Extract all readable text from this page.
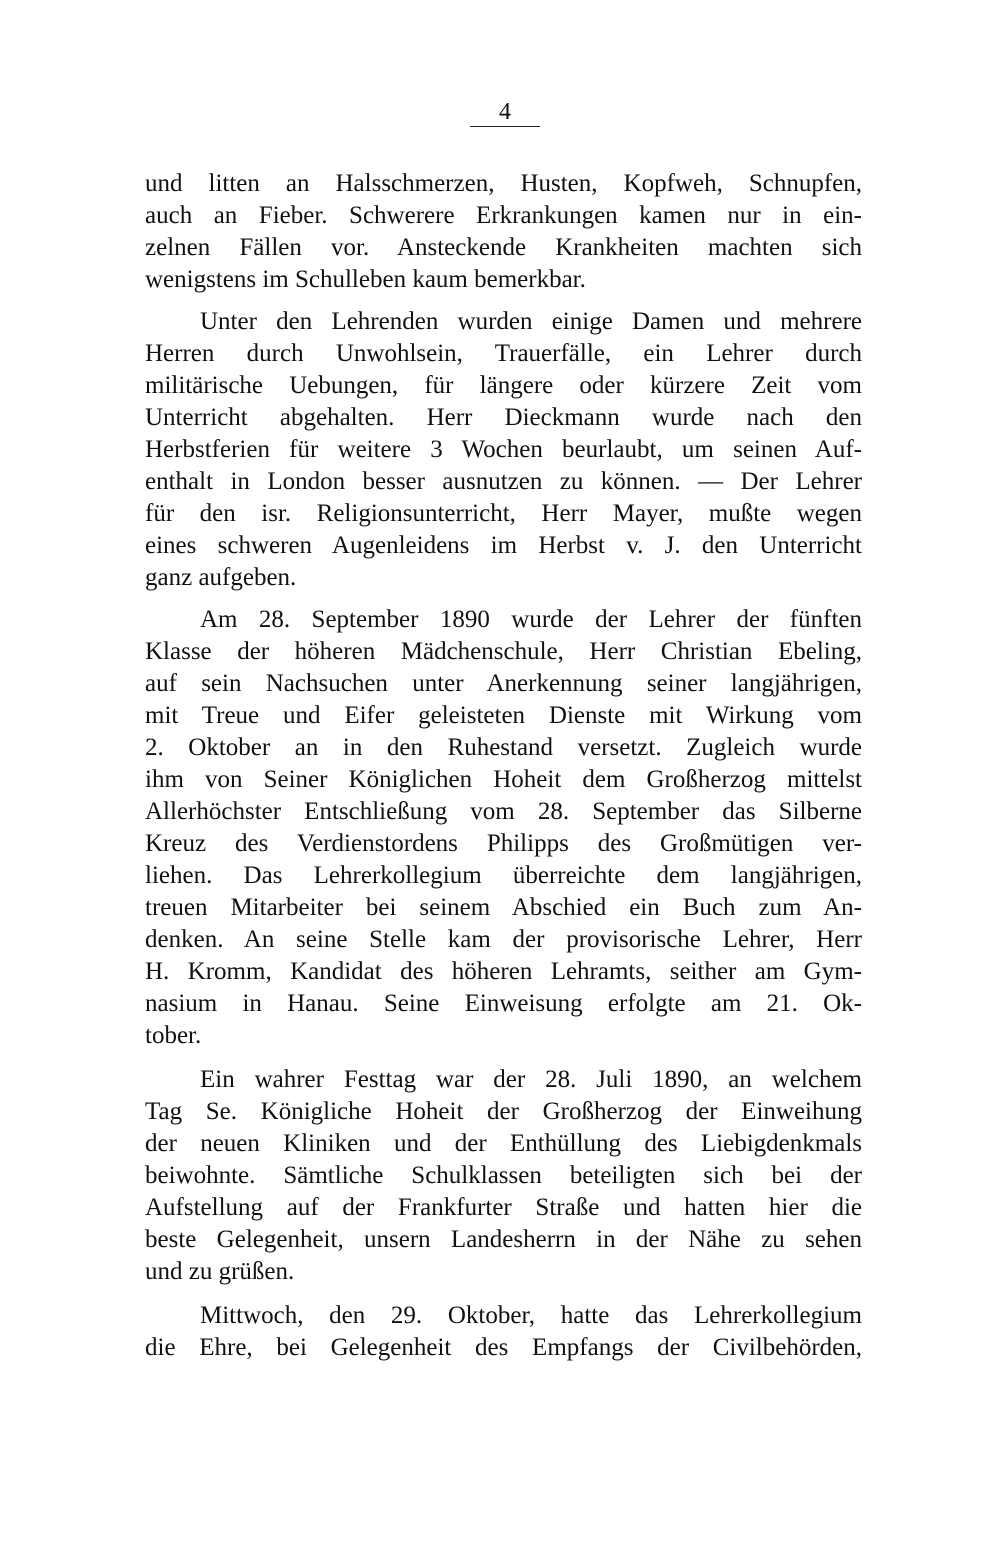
4
und litten an Halsschmerzen, Husten, Kopfweh, Schnupfen,
auch an Fieber. Schwerere Erkrankungen kamen nur in ein-
zelnen Fällen vor. Ansteckende Krankheiten machten sich
wenigstens im Schulleben kaum bemerkbar.
Unter den Lehrenden wurden einige Damen und mehrere
Herren durch Unwohlsein, Trauerfälle, ein Lehrer durch
militärische Uebungen, für längere oder kürzere Zeit vom
Unterricht abgehalten. Herr Dieckmann wurde nach den
Herbstferien für weitere 3 Wochen beurlaubt, um seinen Auf-
enthalt in London besser ausnutzen zu können. — Der Lehrer
für den isr. Religionsunterricht, Herr Mayer, mußte wegen
eines schweren Augenleidens im Herbst v. J. den Unterricht
ganz aufgeben.
Am 28. September 1890 wurde der Lehrer der fünften
Klasse der höheren Mädchenschule, Herr Christian Ebeling,
auf sein Nachsuchen unter Anerkennung seiner langjährigen,
mit Treue und Eifer geleisteten Dienste mit Wirkung vom
2. Oktober an in den Ruhestand versetzt. Zugleich wurde
ihm von Seiner Königlichen Hoheit dem Großherzog mittelst
Allerhöchster Entschließung vom 28. September das Silberne
Kreuz des Verdienstordens Philipps des Großmütigen ver-
liehen. Das Lehrerkollegium überreichte dem langjährigen,
treuen Mitarbeiter bei seinem Abschied ein Buch zum An-
denken. An seine Stelle kam der provisorische Lehrer, Herr
H. Kromm, Kandidat des höheren Lehramts, seither am Gym-
nasium in Hanau. Seine Einweisung erfolgte am 21. Ok-
tober.
Ein wahrer Festtag war der 28. Juli 1890, an welchem
Tag Se. Königliche Hoheit der Großherzog der Einweihung
der neuen Kliniken und der Enthüllung des Liebigdenkmals
beiwohnte. Sämtliche Schulklassen beteiligten sich bei der
Aufstellung auf der Frankfurter Straße und hatten hier die
beste Gelegenheit, unsern Landesherrn in der Nähe zu sehen
und zu grüßen.
Mittwoch, den 29. Oktober, hatte das Lehrerkollegium
die Ehre, bei Gelegenheit des Empfangs der Civilbehörden,
